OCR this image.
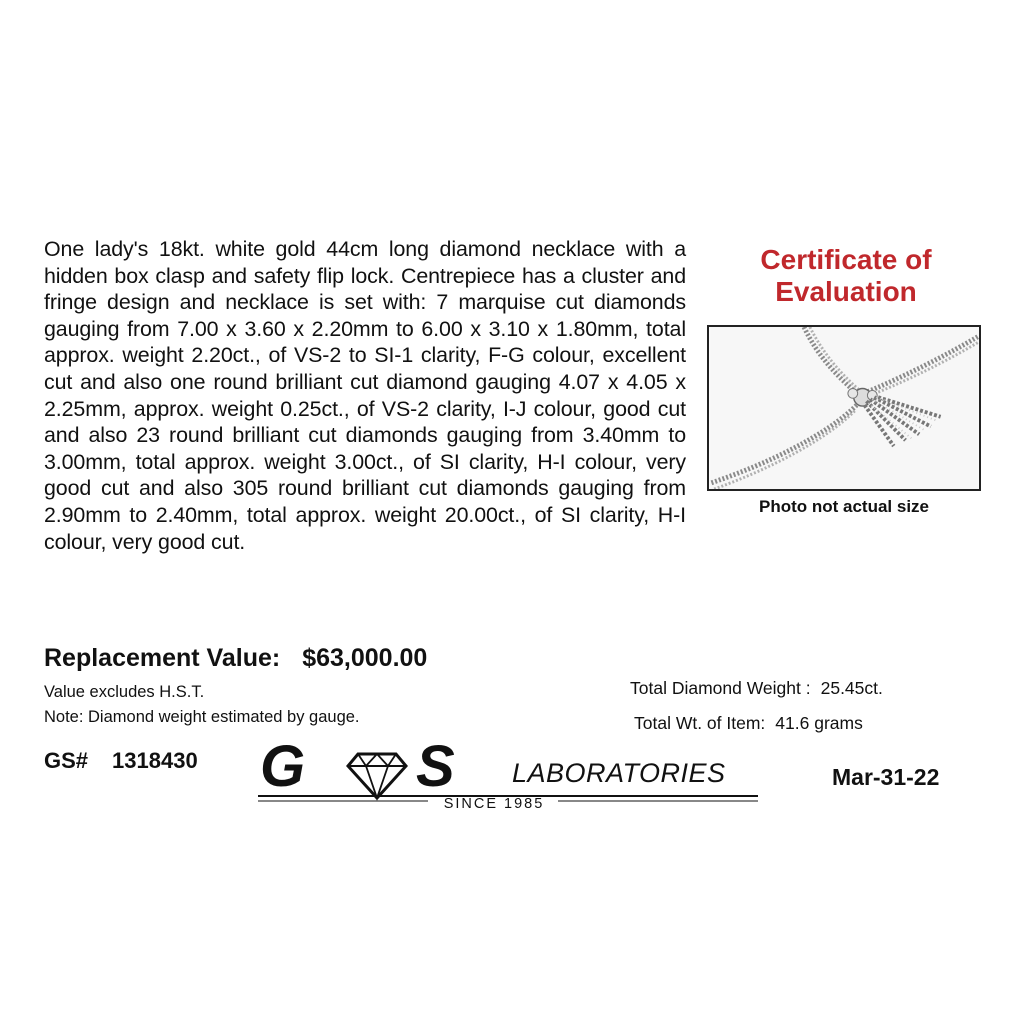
One lady's 18kt. white gold 44cm long diamond necklace with a hidden box clasp and safety flip lock. Centrepiece has a cluster and fringe design and necklace is set with: 7 marquise cut diamonds gauging from 7.00 x 3.60 x 2.20mm to 6.00 x 3.10 x 1.80mm, total approx. weight 2.20ct., of VS-2 to SI-1 clarity, F-G colour, excellent cut and also one round brilliant cut diamond gauging 4.07 x 4.05 x 2.25mm, approx. weight 0.25ct., of VS-2 clarity, I-J colour, good cut and also 23 round brilliant cut diamonds gauging from 3.40mm to 3.00mm, total approx. weight 3.00ct., of SI clarity, H-I colour, very good cut and also 305 round brilliant cut diamonds gauging from 2.90mm to 2.40mm, total approx. weight 20.00ct., of SI clarity, H-I colour, very good cut.

Certificate of
Evaluation
Photo not actual size
Replacement Value: $63,000.00
Value excludes H.S.T.
Note: Diamond weight estimated by gauge.
Total Diamond Weight : 25.45ct.
Total Wt. of Item: 41.6 grams
GS# 1318430 G S LABORATORIES
SINCE 1985
Mar-31-22
